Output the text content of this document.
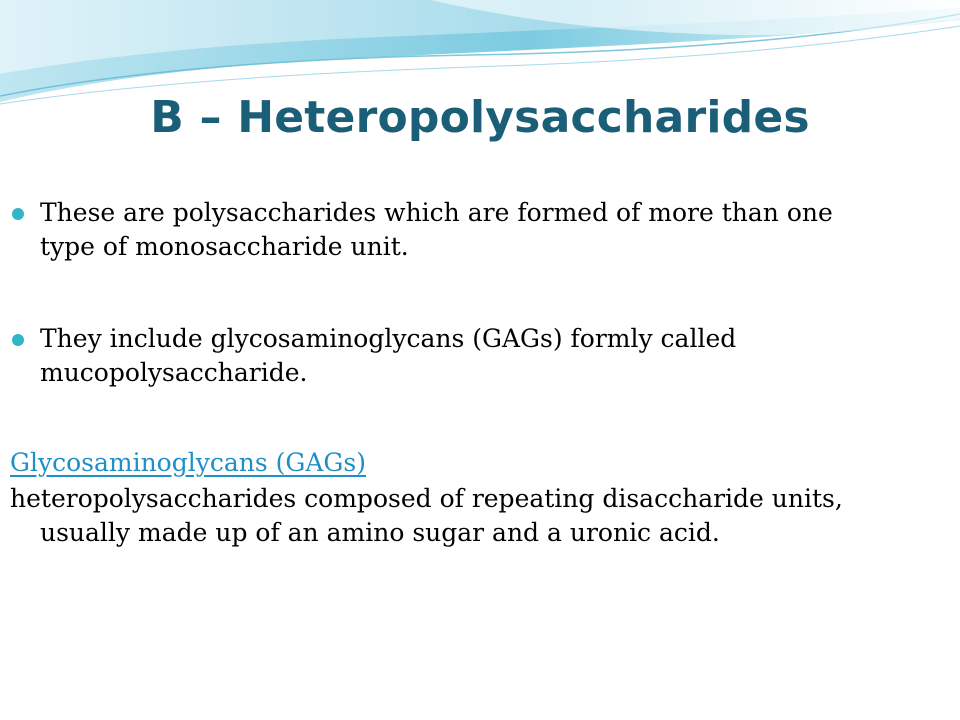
B – Heteropolysaccharides
These are polysaccharides which are formed of more than one type of monosaccharide unit.
They include glycosaminoglycans (GAGs) formly called mucopolysaccharide.
Glycosaminoglycans (GAGs)
heteropolysaccharides composed of repeating disaccharide units, usually made up of an amino sugar and a uronic acid.
